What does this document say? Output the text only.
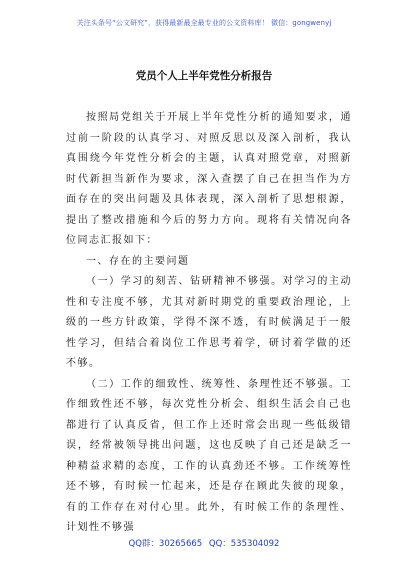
关注头条号“公文研究”，获得最新最全最专业的公文资料库！ 微信：gongwenyj
党员个人上半年党性分析报告

按照局党组关于开展上半年党性分析的通知要求，通过前一阶段的认真学习、对照反思以及深入剖析，我认真围绕今年党性分析会的主题，认真对照党章，对照新时代新担当新作为要求，深入查摆了自己在担当作为方面存在的突出问题及具体表现，深入剖析了思想根源，提出了整改措施和今后的努力方向。现将有关情况向各位同志汇报如下：

一、存在的主要问题

（一）学习的刻苦、钻研精神不够强。对学习的主动性和专注度不够，尤其对新时期党的重要政治理论，上级的一些方针政策，学得不深不透，有时候满足于一般性学习，但结合着岗位工作思考着学，研讨着学做的还不够。

（二）工作的细致性、统筹性、条理性还不够强。工作细致性还不够，每次党性分析会、组织生活会自己也都进行了认真反省，但工作上还时常会出现一些低级错误，经常被领导挑出问题，这也反映了自己还是缺乏一种精益求精的态度，工作的认真劲还不够。工作统筹性还不够，有时候一忙起来，还是存在顾此失彼的现象，有的工作存在对付心里。此外，有时候工作的条理性、计划性不够强

QQ群：30265665 QQ：535304092
